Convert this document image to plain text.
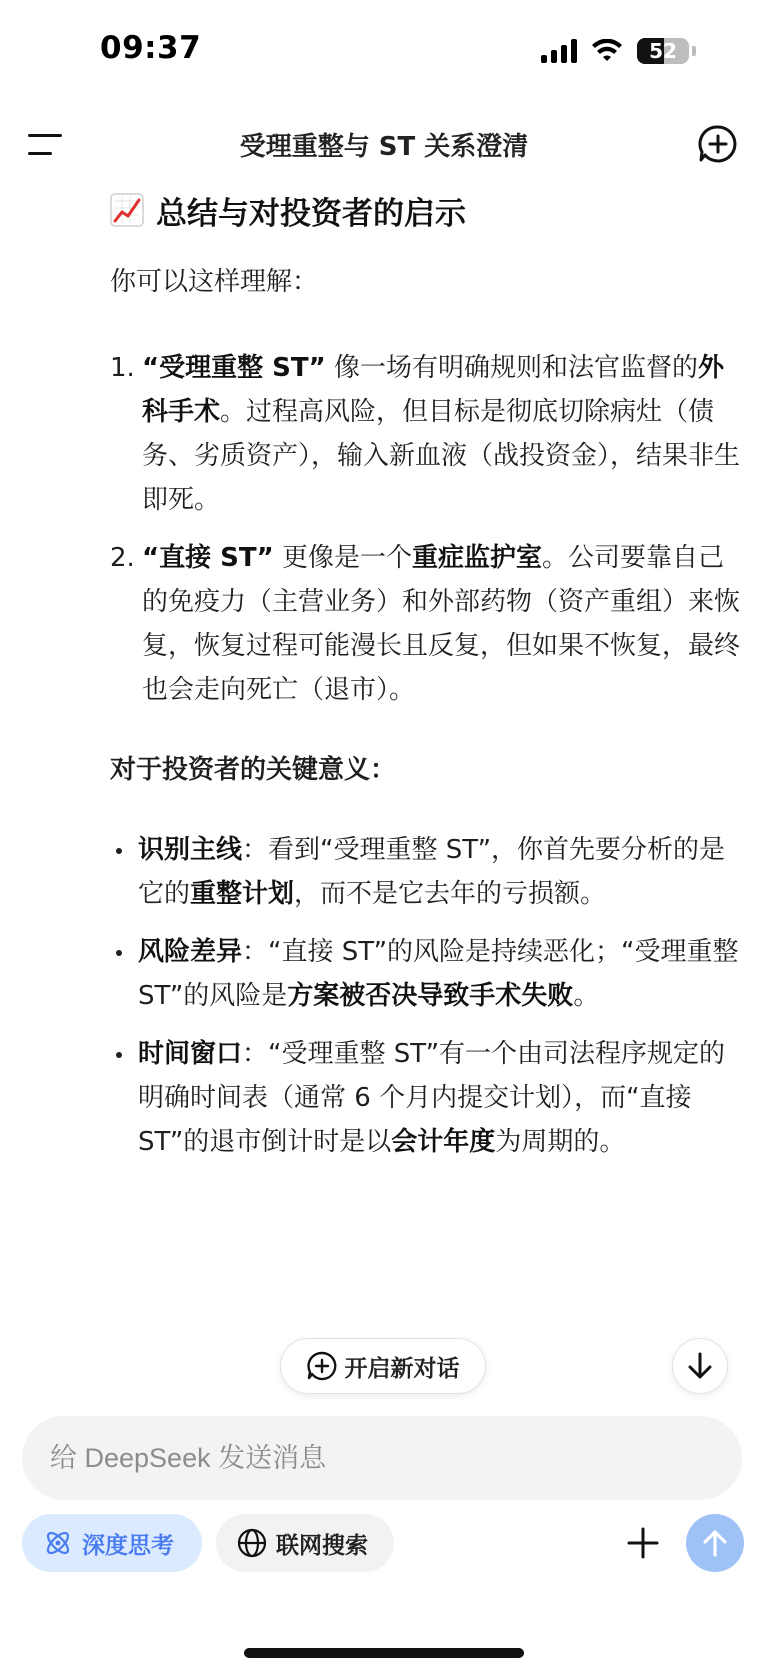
09:37	52
受理重整与 ST 关系澄清
总结与对投资者的启示

你可以这样理解：

1. “受理重整 ST” 像一场有明确规则和法官监督的外科手术。过程高风险，但目标是彻底切除病灶（债务、劣质资产），输入新血液（战投资金），结果非生即死。
2. “直接 ST” 更像是一个重症监护室。公司要靠自己的免疫力（主营业务）和外部药物（资产重组）来恢复，恢复过程可能漫长且反复，但如果不恢复，最终也会走向死亡（退市）。

对于投资者的关键意义：

识别主线：看到“受理重整 ST”，你首先要分析的是它的重整计划，而不是它去年的亏损额。
风险差异：“直接 ST”的风险是持续恶化；“受理重整 ST”的风险是方案被否决导致手术失败。
时间窗口：“受理重整 ST”有一个由司法程序规定的明确时间表（通常 6 个月内提交计划），而“直接 ST”的退市倒计时是以会计年度为周期的。
开启新对话
给 DeepSeek 发送消息
深度思考	联网搜索
